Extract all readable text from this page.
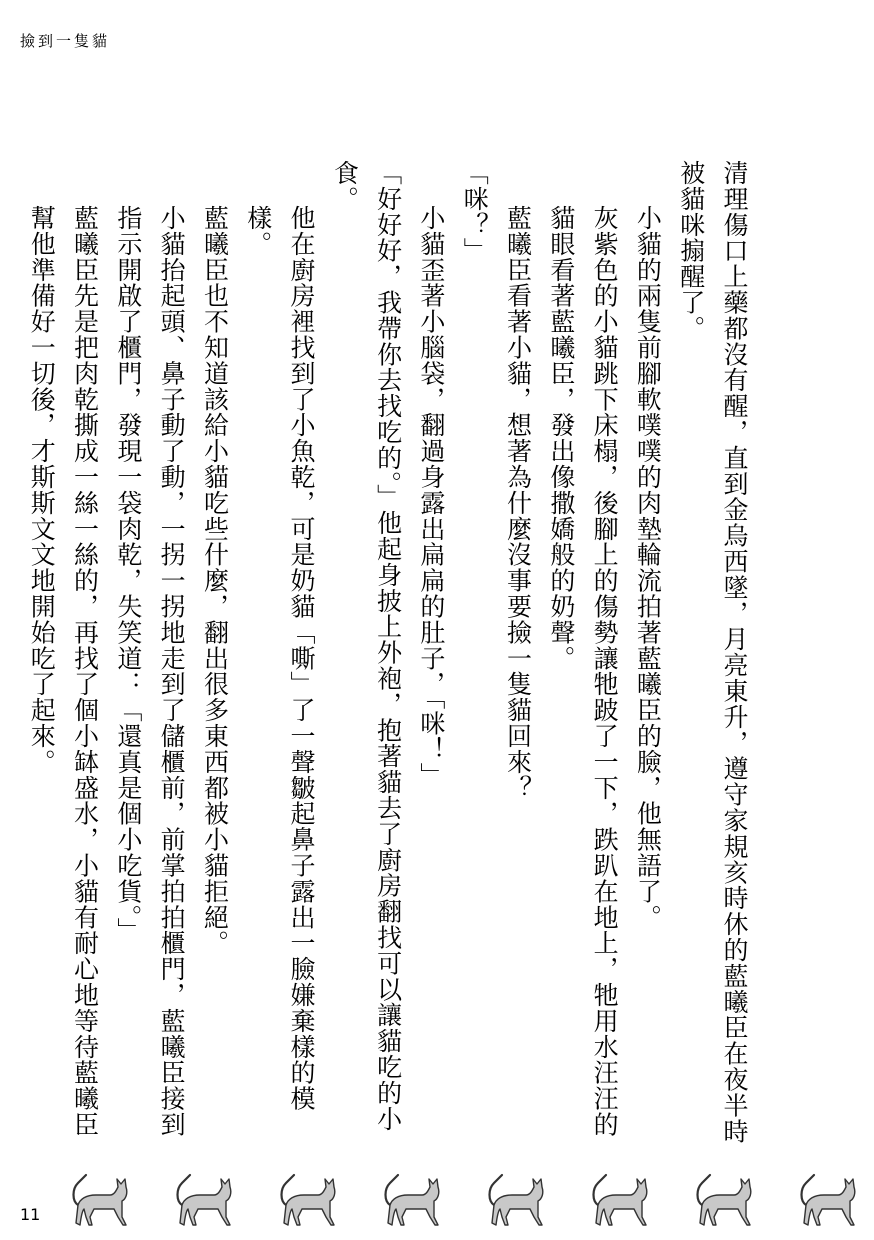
撿到一隻貓

清理傷口上藥都沒有醒，直到金烏西墜，月亮東升，遵守家規亥時休的藍曦臣在夜半時被貓咪搧醒了。

小貓的兩隻前腳軟噗噗的肉墊輪流拍著藍曦臣的臉，他無語了。

灰紫色的小貓跳下床榻，後腳上的傷勢讓牠跛了一下，跌趴在地上，牠用水汪汪的貓眼看著藍曦臣，發出像撒嬌般的奶聲。

藍曦臣看著小貓，想著為什麼沒事要撿一隻貓回來？

「咪？」

小貓歪著小腦袋，翻過身露出扁扁的肚子，「咪！」

「好好好，我帶你去找吃的。」他起身披上外袍，抱著貓去了廚房翻找可以讓貓吃的小食。

他在廚房裡找到了小魚乾，可是奶貓「嘶」了一聲皺起鼻子露出一臉嫌棄樣的模樣。

藍曦臣也不知道該給小貓吃些什麼，翻出很多東西都被小貓拒絕。

小貓抬起頭、鼻子動了動，一拐一拐地走到了儲櫃前，前掌拍拍櫃門，藍曦臣接到指示開啟了櫃門，發現一袋肉乾，失笑道：「還真是個小吃貨。」

藍曦臣先是把肉乾撕成一絲一絲的，再找了個小缽盛水，小貓有耐心地等待藍曦臣幫他準備好一切後，才斯斯文文地開始吃了起來。

11
